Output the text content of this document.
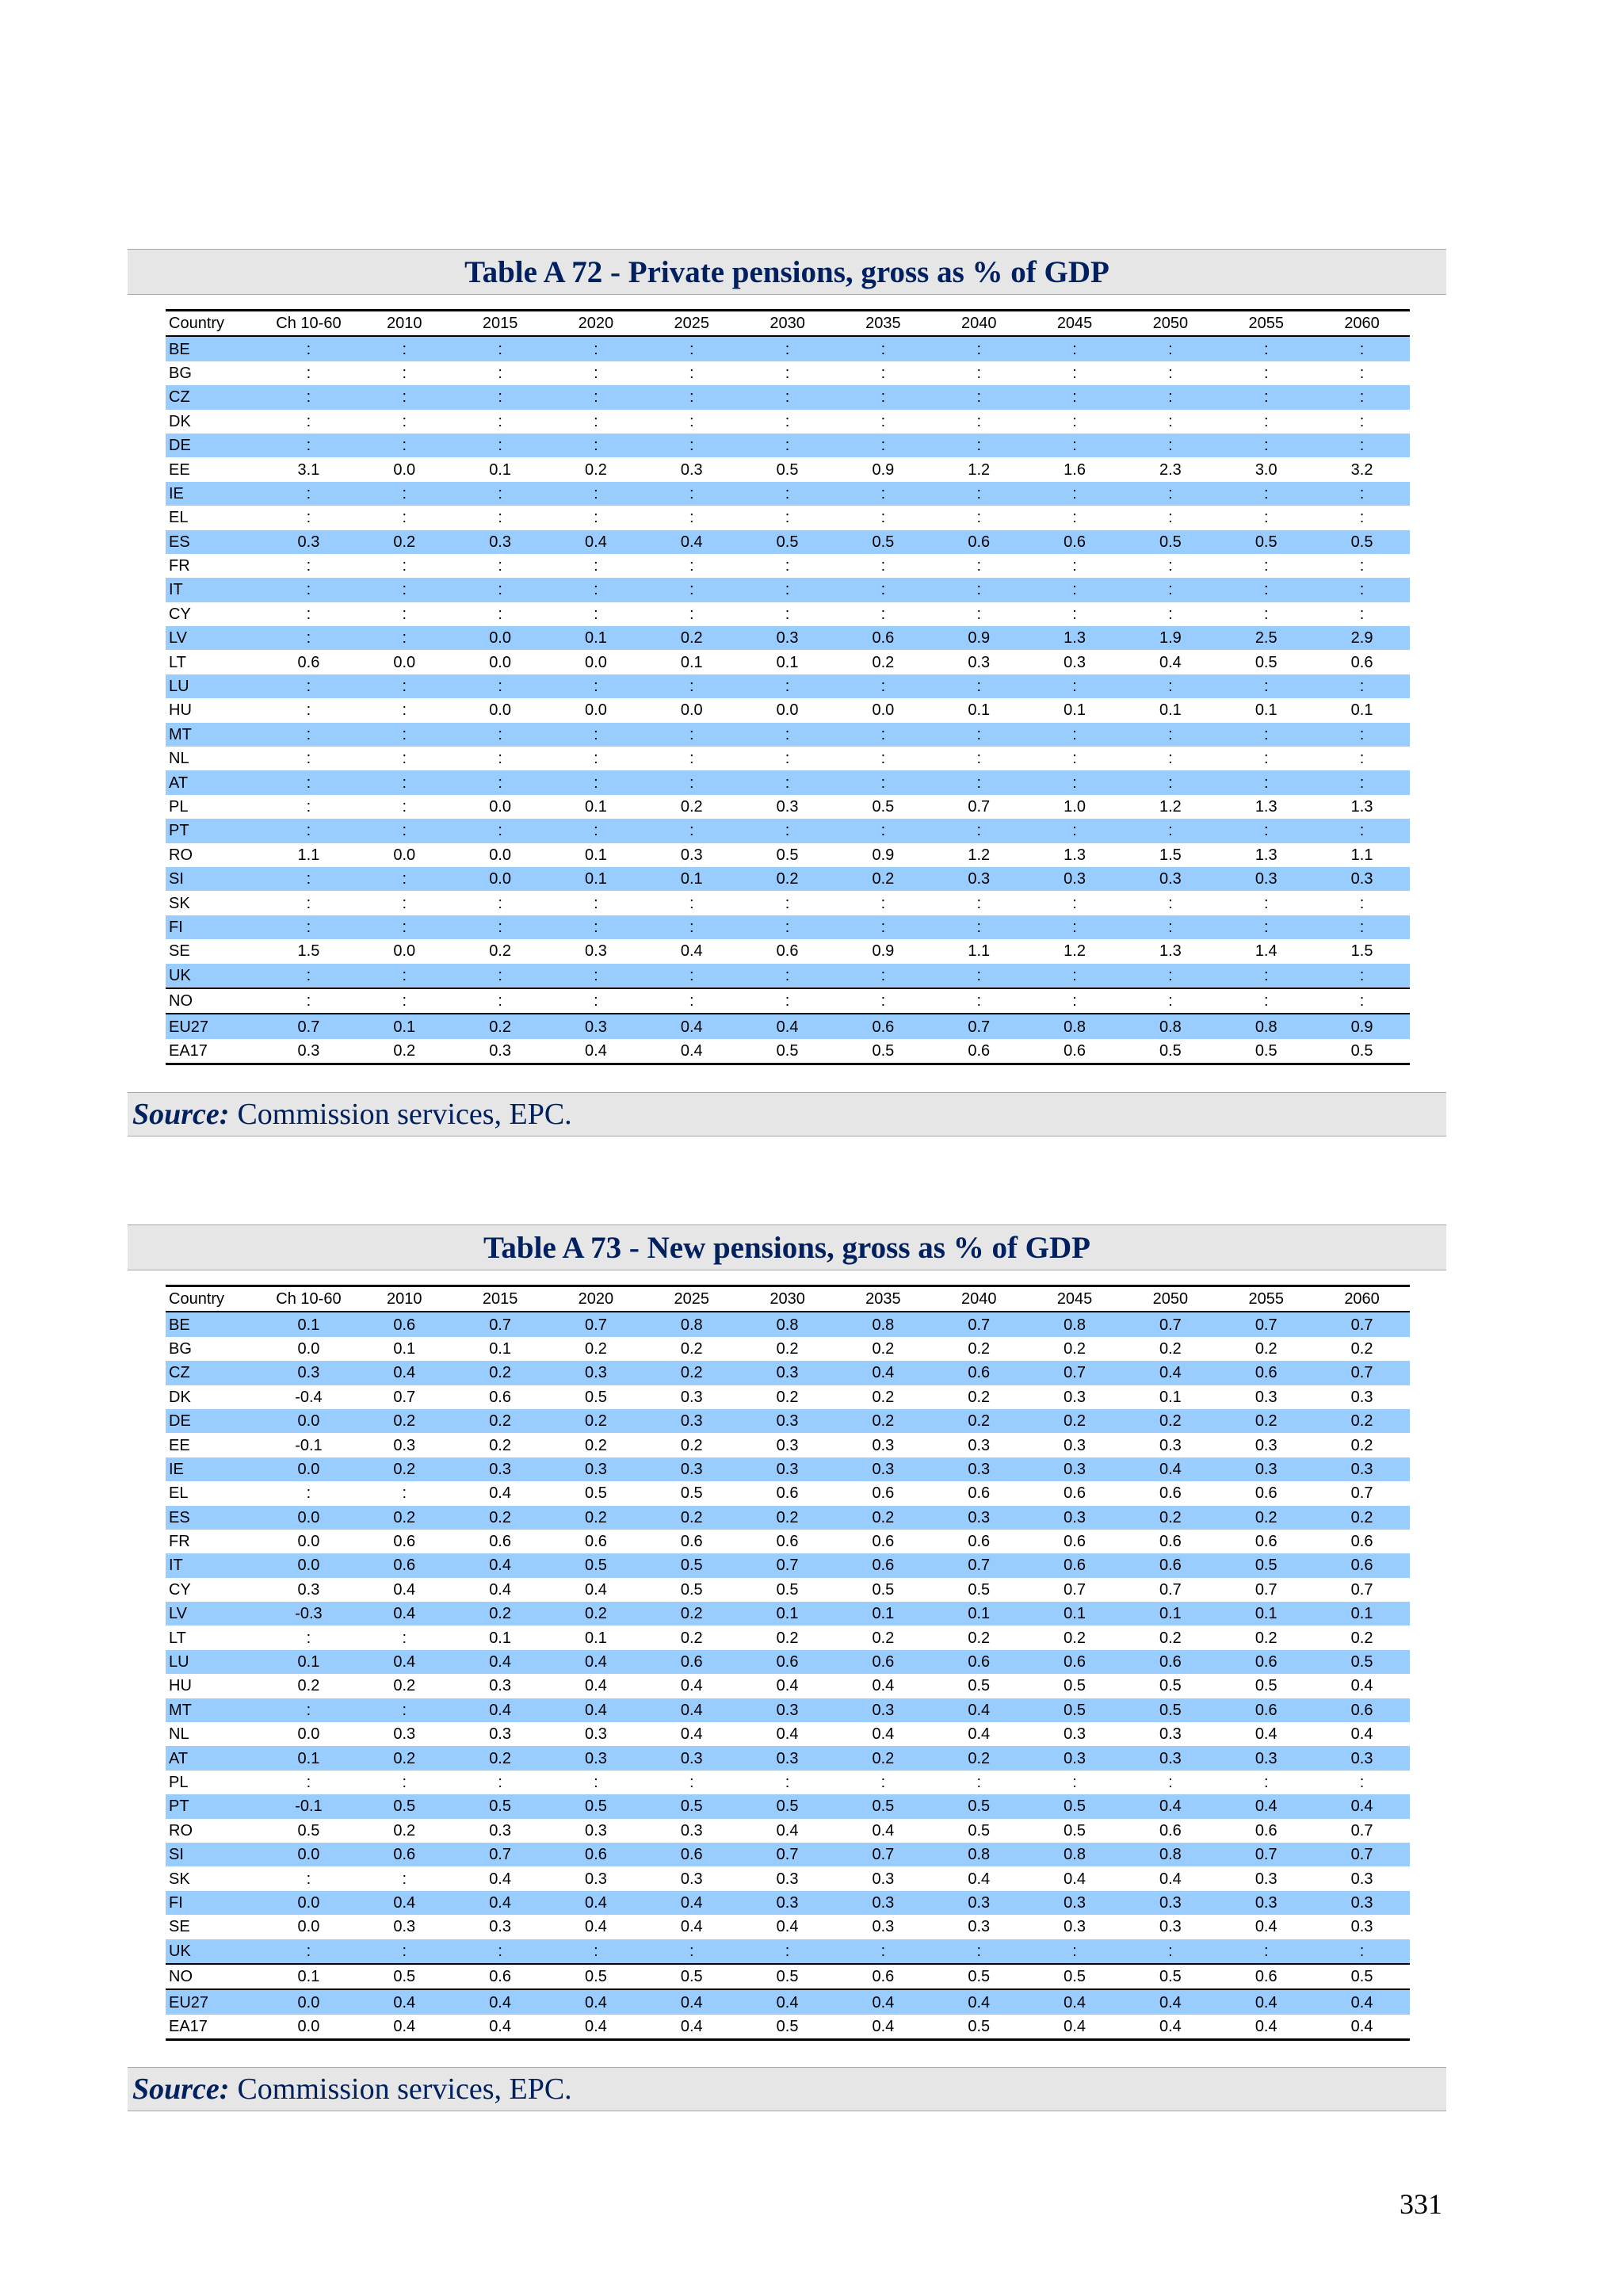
Table A 72 - Private pensions, gross as % of GDP
Country	Ch 10-60	2010	2015	2020	2025	2030	2035	2040	2045	2050	2055	2060
BE	:	:	:	:	:	:	:	:	:	:	:	:
BG	:	:	:	:	:	:	:	:	:	:	:	:
CZ	:	:	:	:	:	:	:	:	:	:	:	:
DK	:	:	:	:	:	:	:	:	:	:	:	:
DE	:	:	:	:	:	:	:	:	:	:	:	:
EE	3.1	0.0	0.1	0.2	0.3	0.5	0.9	1.2	1.6	2.3	3.0	3.2
IE	:	:	:	:	:	:	:	:	:	:	:	:
EL	:	:	:	:	:	:	:	:	:	:	:	:
ES	0.3	0.2	0.3	0.4	0.4	0.5	0.5	0.6	0.6	0.5	0.5	0.5
FR	:	:	:	:	:	:	:	:	:	:	:	:
IT	:	:	:	:	:	:	:	:	:	:	:	:
CY	:	:	:	:	:	:	:	:	:	:	:	:
LV	:	:	0.0	0.1	0.2	0.3	0.6	0.9	1.3	1.9	2.5	2.9
LT	0.6	0.0	0.0	0.0	0.1	0.1	0.2	0.3	0.3	0.4	0.5	0.6
LU	:	:	:	:	:	:	:	:	:	:	:	:
HU	:	:	0.0	0.0	0.0	0.0	0.0	0.1	0.1	0.1	0.1	0.1
MT	:	:	:	:	:	:	:	:	:	:	:	:
NL	:	:	:	:	:	:	:	:	:	:	:	:
AT	:	:	:	:	:	:	:	:	:	:	:	:
PL	:	:	0.0	0.1	0.2	0.3	0.5	0.7	1.0	1.2	1.3	1.3
PT	:	:	:	:	:	:	:	:	:	:	:	:
RO	1.1	0.0	0.0	0.1	0.3	0.5	0.9	1.2	1.3	1.5	1.3	1.1
SI	:	:	0.0	0.1	0.1	0.2	0.2	0.3	0.3	0.3	0.3	0.3
SK	:	:	:	:	:	:	:	:	:	:	:	:
FI	:	:	:	:	:	:	:	:	:	:	:	:
SE	1.5	0.0	0.2	0.3	0.4	0.6	0.9	1.1	1.2	1.3	1.4	1.5
UK	:	:	:	:	:	:	:	:	:	:	:	:
NO	:	:	:	:	:	:	:	:	:	:	:	:
EU27	0.7	0.1	0.2	0.3	0.4	0.4	0.6	0.7	0.8	0.8	0.8	0.9
EA17	0.3	0.2	0.3	0.4	0.4	0.5	0.5	0.6	0.6	0.5	0.5	0.5
Source: Commission services, EPC.
Table A 73 - New pensions, gross as % of GDP
Country	Ch 10-60	2010	2015	2020	2025	2030	2035	2040	2045	2050	2055	2060
BE	0.1	0.6	0.7	0.7	0.8	0.8	0.8	0.7	0.8	0.7	0.7	0.7
BG	0.0	0.1	0.1	0.2	0.2	0.2	0.2	0.2	0.2	0.2	0.2	0.2
CZ	0.3	0.4	0.2	0.3	0.2	0.3	0.4	0.6	0.7	0.4	0.6	0.7
DK	-0.4	0.7	0.6	0.5	0.3	0.2	0.2	0.2	0.3	0.1	0.3	0.3
DE	0.0	0.2	0.2	0.2	0.3	0.3	0.2	0.2	0.2	0.2	0.2	0.2
EE	-0.1	0.3	0.2	0.2	0.2	0.3	0.3	0.3	0.3	0.3	0.3	0.2
IE	0.0	0.2	0.3	0.3	0.3	0.3	0.3	0.3	0.3	0.4	0.3	0.3
EL	:	:	0.4	0.5	0.5	0.6	0.6	0.6	0.6	0.6	0.6	0.7
ES	0.0	0.2	0.2	0.2	0.2	0.2	0.2	0.3	0.3	0.2	0.2	0.2
FR	0.0	0.6	0.6	0.6	0.6	0.6	0.6	0.6	0.6	0.6	0.6	0.6
IT	0.0	0.6	0.4	0.5	0.5	0.7	0.6	0.7	0.6	0.6	0.5	0.6
CY	0.3	0.4	0.4	0.4	0.5	0.5	0.5	0.5	0.7	0.7	0.7	0.7
LV	-0.3	0.4	0.2	0.2	0.2	0.1	0.1	0.1	0.1	0.1	0.1	0.1
LT	:	:	0.1	0.1	0.2	0.2	0.2	0.2	0.2	0.2	0.2	0.2
LU	0.1	0.4	0.4	0.4	0.6	0.6	0.6	0.6	0.6	0.6	0.6	0.5
HU	0.2	0.2	0.3	0.4	0.4	0.4	0.4	0.5	0.5	0.5	0.5	0.4
MT	:	:	0.4	0.4	0.4	0.3	0.3	0.4	0.5	0.5	0.6	0.6
NL	0.0	0.3	0.3	0.3	0.4	0.4	0.4	0.4	0.3	0.3	0.4	0.4
AT	0.1	0.2	0.2	0.3	0.3	0.3	0.2	0.2	0.3	0.3	0.3	0.3
PL	:	:	:	:	:	:	:	:	:	:	:	:
PT	-0.1	0.5	0.5	0.5	0.5	0.5	0.5	0.5	0.5	0.4	0.4	0.4
RO	0.5	0.2	0.3	0.3	0.3	0.4	0.4	0.5	0.5	0.6	0.6	0.7
SI	0.0	0.6	0.7	0.6	0.6	0.7	0.7	0.8	0.8	0.8	0.7	0.7
SK	:	:	0.4	0.3	0.3	0.3	0.3	0.4	0.4	0.4	0.3	0.3
FI	0.0	0.4	0.4	0.4	0.4	0.3	0.3	0.3	0.3	0.3	0.3	0.3
SE	0.0	0.3	0.3	0.4	0.4	0.4	0.3	0.3	0.3	0.3	0.4	0.3
UK	:	:	:	:	:	:	:	:	:	:	:	:
NO	0.1	0.5	0.6	0.5	0.5	0.5	0.6	0.5	0.5	0.5	0.6	0.5
EU27	0.0	0.4	0.4	0.4	0.4	0.4	0.4	0.4	0.4	0.4	0.4	0.4
EA17	0.0	0.4	0.4	0.4	0.4	0.5	0.4	0.5	0.4	0.4	0.4	0.4
Source: Commission services, EPC.
331
